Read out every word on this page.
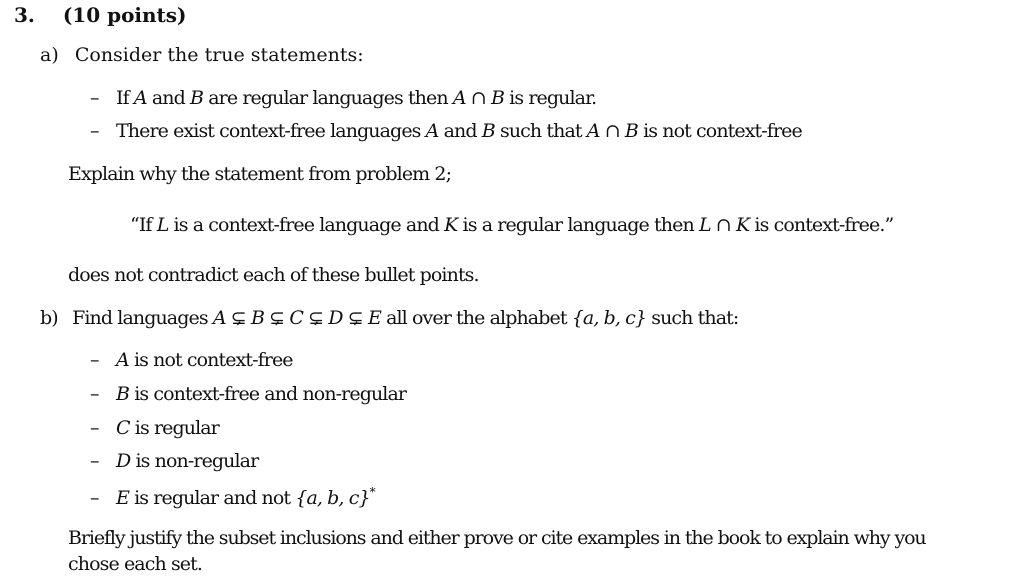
3. (10 points)
a) Consider the true statements:
– If A and B are regular languages then A ∩ B is regular.
– There exist context-free languages A and B such that A ∩ B is not context-free
Explain why the statement from problem 2;
“If L is a context-free language and K is a regular language then L ∩ K is context-free.”
does not contradict each of these bullet points.
b) Find languages A ⊊ B ⊊ C ⊊ D ⊊ E all over the alphabet {a, b, c} such that:
– A is not context-free
– B is context-free and non-regular
– C is regular
– D is non-regular
– E is regular and not {a, b, c}*
Briefly justify the subset inclusions and either prove or cite examples in the book to explain why you
chose each set.
